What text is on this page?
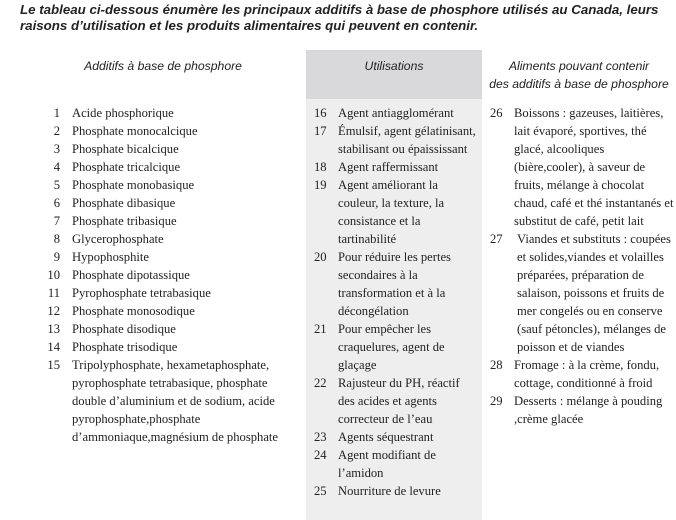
Le tableau ci-dessous énumère les principaux additifs à base de phosphore utilisés au Canada, leurs raisons d’utilisation et les produits alimentaires qui peuvent en contenir.
Additifs à base de phosphore
1 Acide phosphorique
2 Phosphate monocalcique
3 Phosphate bicalcique
4 Phosphate tricalcique
5 Phosphate monobasique
6 Phosphate dibasique
7 Phosphate tribasique
8 Glycerophosphate
9 Hypophosphite
10 Phosphate dipotassique
11 Pyrophosphate tetrabasique
12 Phosphate monosodique
13 Phosphate disodique
14 Phosphate trisodique
15 Tripolyphosphate, hexametaphosphate, pyrophosphate tetrabasique, phosphate double d’aluminium et de sodium, acide pyrophosphate,phosphate d’ammoniaque,magnésium de phosphate
Utilisations
16 Agent antiagglomérant
17 Émulsif, agent gélatinisant, stabilisant ou épaississant
18 Agent raffermissant
19 Agent améliorant la couleur, la texture, la consistance et la tartinabilité
20 Pour réduire les pertes secondaires à la transformation et à la décongélation
21 Pour empêcher les craquelures, agent de glaçage
22 Rajusteur du PH, réactif des acides et agents correcteur de l’eau
23 Agents séquestrant
24 Agent modifiant de l’amidon
25 Nourriture de levure
Aliments pouvant contenir
des additifs à base de phosphore
26 Boissons : gazeuses, laitières, lait évaporé, sportives, thé glacé, alcooliques (bière,cooler), à saveur de fruits, mélange à chocolat chaud, café et thé instantanés et substitut de café, petit lait
27	Viandes et substituts : coupées et solides,viandes et volailles préparées, préparation de salaison, poissons et fruits de mer congelés ou en conserve (sauf pétoncles), mélanges de poisson et de viandes
28 Fromage : à la crème, fondu, cottage, conditionné à froid
29 Desserts : mélange à pouding ,crème glacée
